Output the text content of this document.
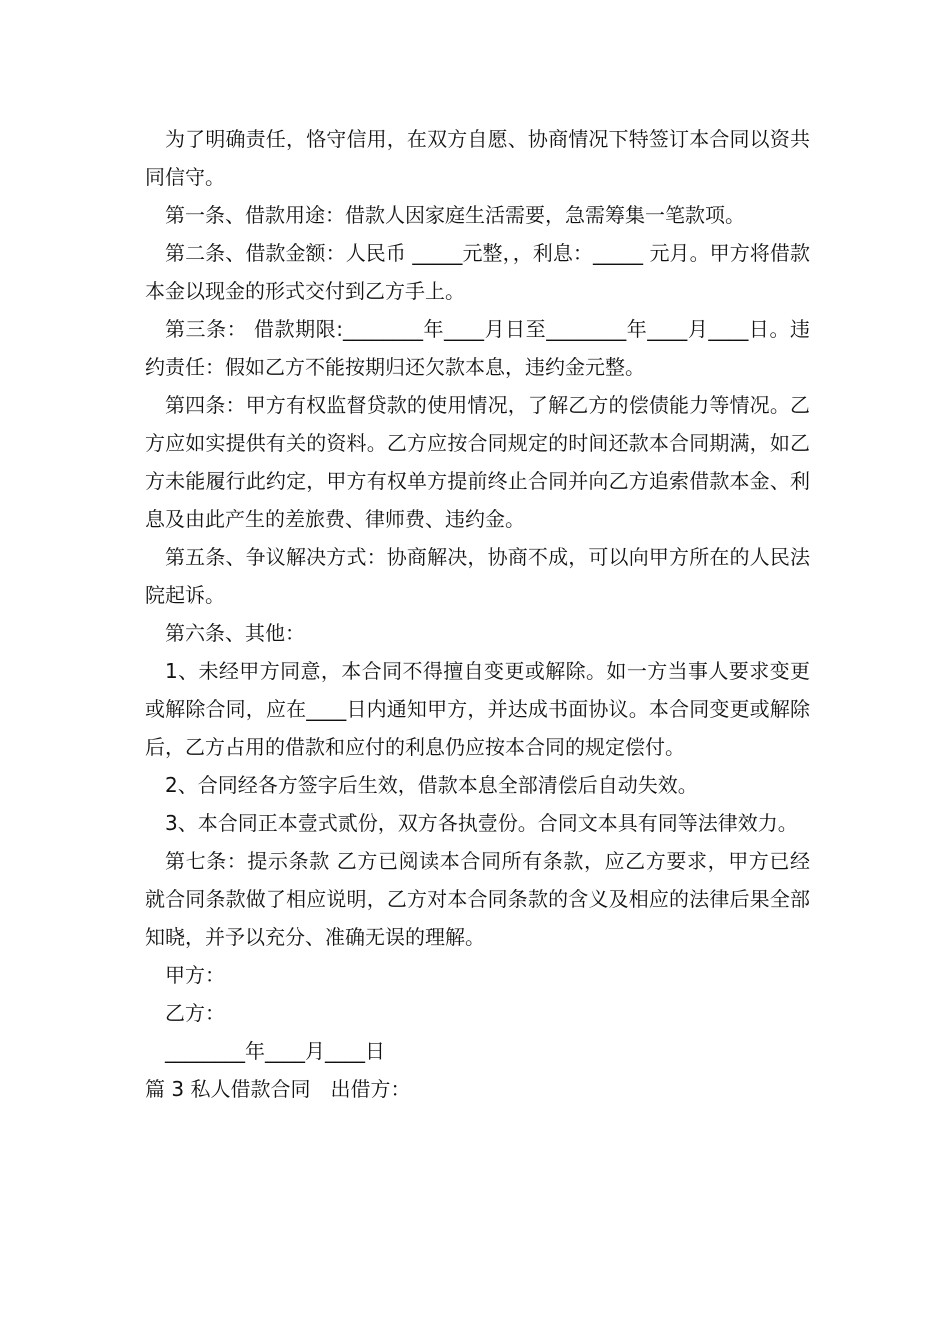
为了明确责任，恪守信用，在双方自愿、协商情况下特签订本合同以资共同信守。

第一条、借款用途：借款人因家庭生活需要，急需筹集一笔款项。

第二条、借款金额：人民币 _____元整，，利息：_____ 元月。甲方将借款本金以现金的形式交付到乙方手上。

第三条： 借款期限:________年____月日至________年____月____日。违约责任：假如乙方不能按期归还欠款本息，违约金元整。

第四条：甲方有权监督贷款的使用情况，了解乙方的偿债能力等情况。乙方应如实提供有关的资料。乙方应按合同规定的时间还款本合同期满，如乙方未能履行此约定，甲方有权单方提前终止合同并向乙方追索借款本金、利息及由此产生的差旅费、律师费、违约金。

第五条、争议解决方式：协商解决，协商不成，可以向甲方所在的人民法院起诉。

第六条、其他：

1、未经甲方同意，本合同不得擅自变更或解除。如一方当事人要求变更或解除合同，应在____日内通知甲方，并达成书面协议。本合同变更或解除后，乙方占用的借款和应付的利息仍应按本合同的规定偿付。

2、合同经各方签字后生效，借款本息全部清偿后自动失效。

3、本合同正本壹式贰份，双方各执壹份。合同文本具有同等法律效力。

第七条：提示条款 乙方已阅读本合同所有条款，应乙方要求，甲方已经就合同条款做了相应说明，乙方对本合同条款的含义及相应的法律后果全部知晓，并予以充分、准确无误的理解。

甲方：

乙方：

________年____月____日

篇 3 私人借款合同　出借方：
